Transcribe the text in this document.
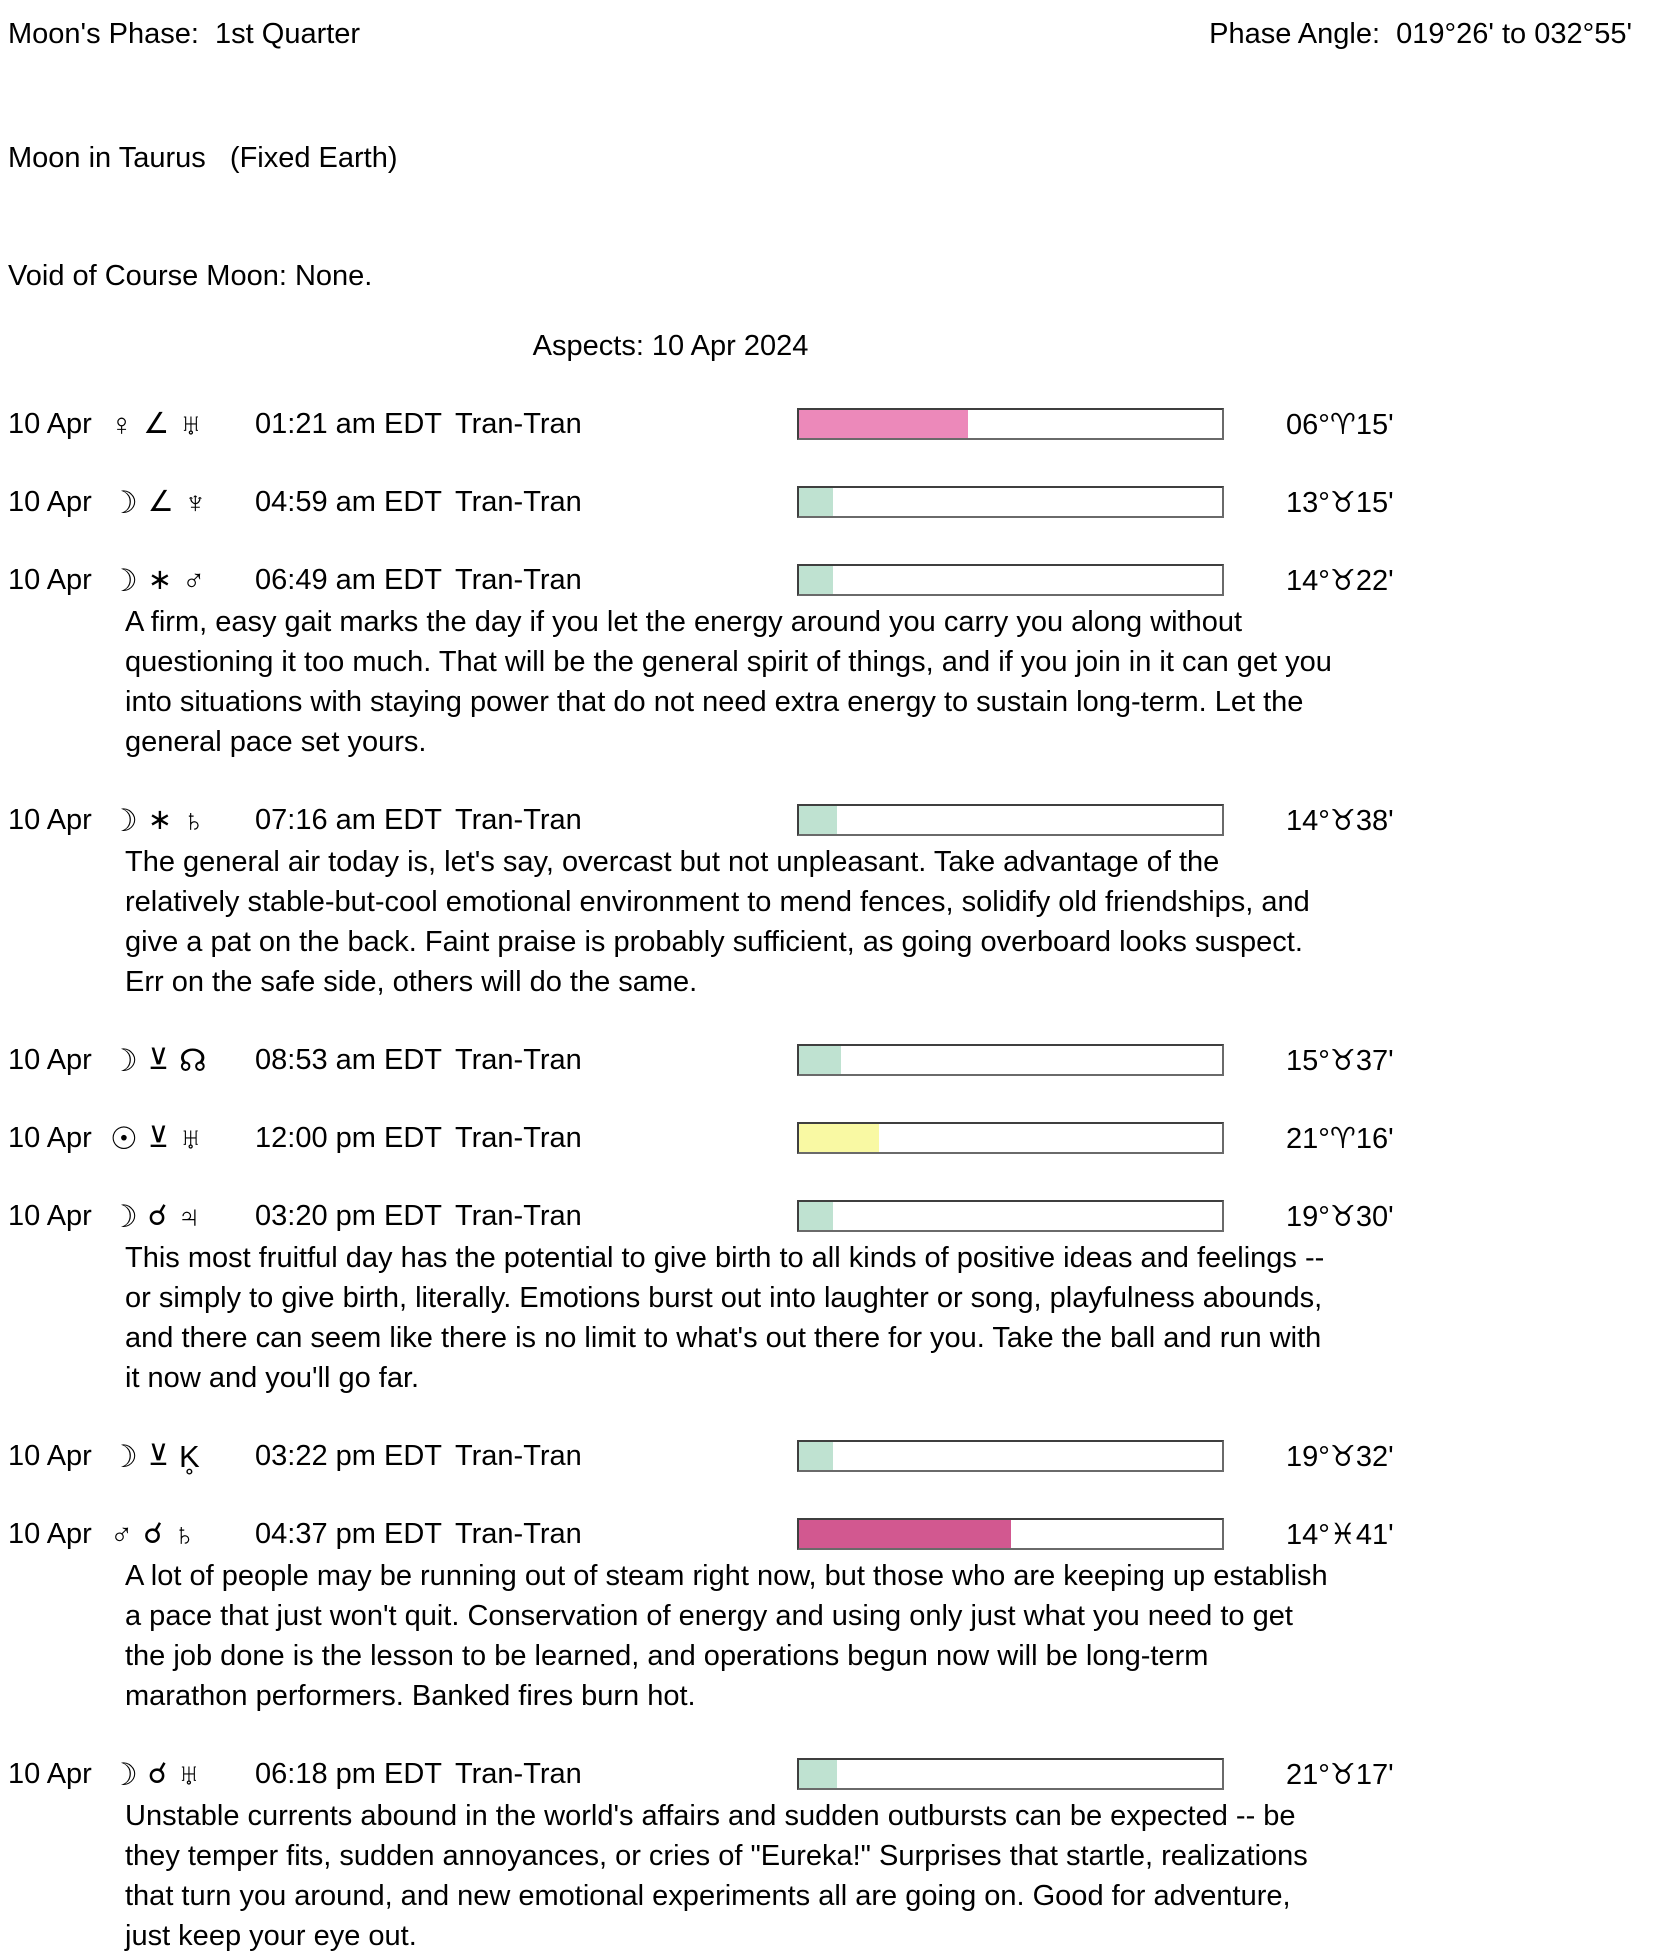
Moon's Phase:  1st Quarter	Phase Angle:  019°26' to 032°55'
Moon in Taurus   (Fixed Earth)
Void of Course Moon: None.
Aspects: 10 Apr 2024
10 Apr ♀ ∠ ♅ 01:21 am EDT Tran-Tran	06°♈15'
10 Apr ☽ ∠ ♆ 04:59 am EDT Tran-Tran	13°♉15'
10 Apr ☽ ∗ ♂ 06:49 am EDT Tran-Tran	14°♉22'

A firm, easy gait marks the day if you let the energy around you carry you along without questioning it too much. That will be the general spirit of things, and if you join in it can get you into situations with staying power that do not need extra energy to sustain long-term. Let the general pace set yours.

10 Apr ☽ ∗ ♄ 07:16 am EDT Tran-Tran	14°♉38'

The general air today is, let's say, overcast but not unpleasant. Take advantage of the relatively stable-but-cool emotional environment to mend fences, solidify old friendships, and give a pat on the back. Faint praise is probably sufficient, as going overboard looks suspect. Err on the safe side, others will do the same.

10 Apr ☽ ⊻ ☊ 08:53 am EDT Tran-Tran	15°♉37'
10 Apr ☉ ⊻ ♅ 12:00 pm EDT Tran-Tran	21°♈16'
10 Apr ☽ ☌ ♃ 03:20 pm EDT Tran-Tran	19°♉30'

This most fruitful day has the potential to give birth to all kinds of positive ideas and feelings -- or simply to give birth, literally. Emotions burst out into laughter or song, playfulness abounds, and there can seem like there is no limit to what's out there for you. Take the ball and run with it now and you'll go far.

10 Apr ☽ ⊻ K̥ 03:22 pm EDT Tran-Tran	19°♉32'
10 Apr ♂ ☌ ♄ 04:37 pm EDT Tran-Tran	14°♓41'

A lot of people may be running out of steam right now, but those who are keeping up establish a pace that just won't quit. Conservation of energy and using only just what you need to get the job done is the lesson to be learned, and operations begun now will be long-term marathon performers. Banked fires burn hot.

10 Apr ☽ ☌ ♅ 06:18 pm EDT Tran-Tran	21°♉17'

Unstable currents abound in the world's affairs and sudden outbursts can be expected -- be they temper fits, sudden annoyances, or cries of "Eureka!" Surprises that startle, realizations that turn you around, and new emotional experiments all are going on. Good for adventure, just keep your eye out.
